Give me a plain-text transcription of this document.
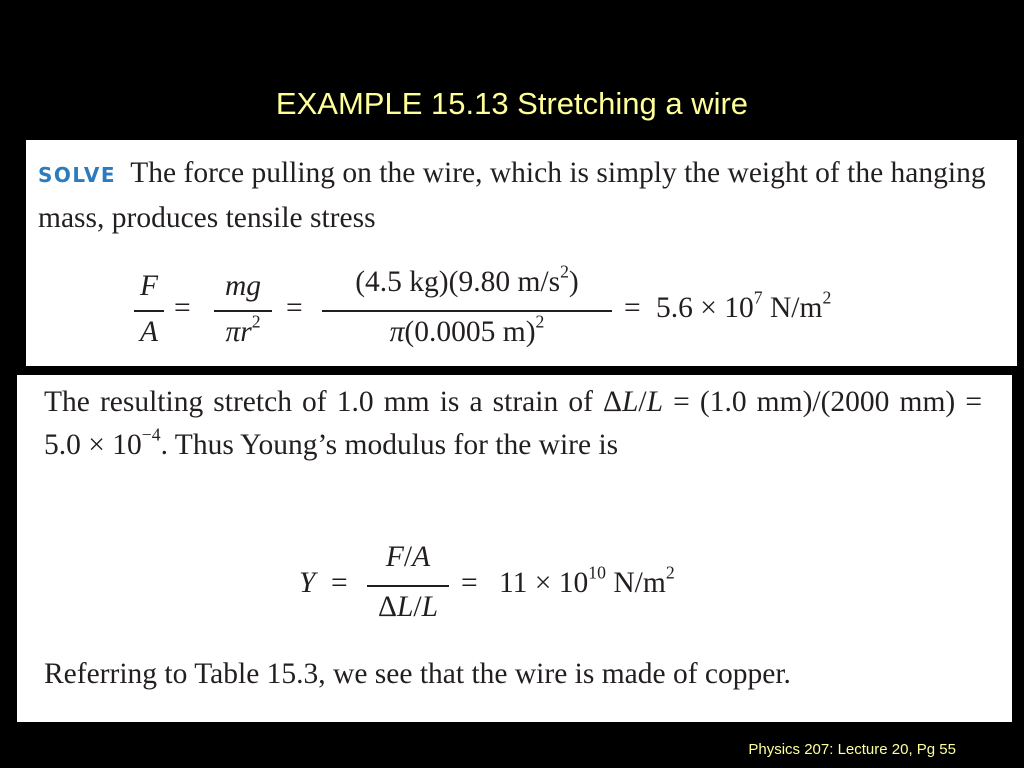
EXAMPLE 15.13 Stretching a wire
SOLVE The force pulling on the wire, which is simply the weight of the hanging mass, produces tensile stress
F
A
=
mg
$\pi r^2$ =
(4.5 kg)(9.80 $m/s^2$)
π(0.0005 m)$^2$	= $5.6 \times 10^7$ $N/m^2$
The resulting stretch of 1.0 mm is a strain of ΔL/L = (1.0 mm)/(2000 $mm) = 5.0 \times 10^{-4}$. Thus Young’s modulus for the wire is
Y =
F/A
ΔL/L
= $11 \times 10^{10}$ $N/m^2$
Referring to Table 15.3, we see that the wire is made of copper.
Physics 207: Lecture 20, Pg 55
